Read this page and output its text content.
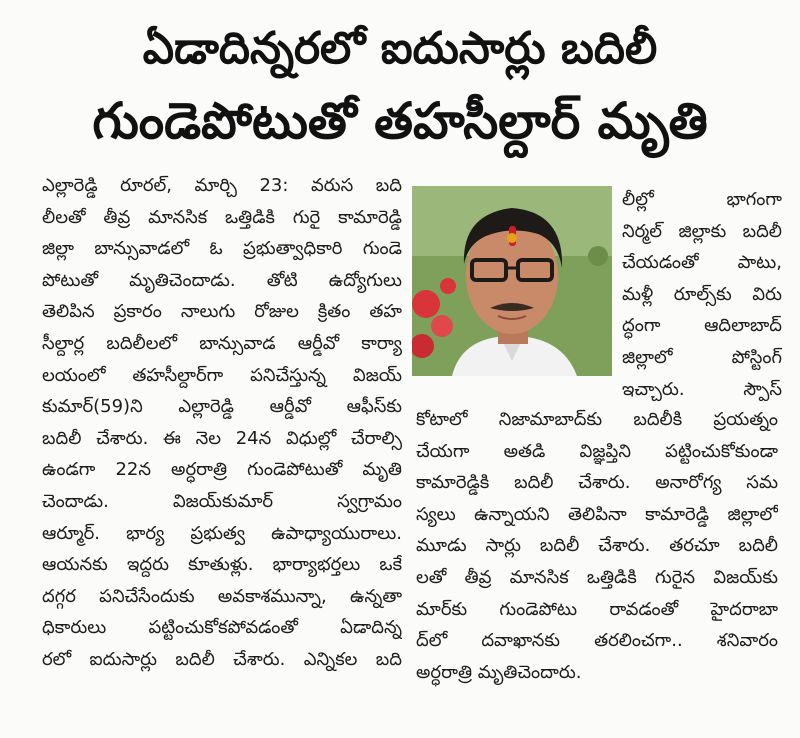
ఏడాదిన్నరలో ఐదుసార్లు బదిలీ
గుండెపోటుతో తహసీల్దార్‌ మృతి
ఎల్లారెడ్డి రూరల్‌, మార్చి 23: వరుస బది
లీలతో తీవ్ర మానసిక ఒత్తిడికి గురై కామారెడ్డి
జిల్లా బాన్సువాడలో ఓ ప్రభుత్వాధికారి గుండె
పోటుతో మృతిచెందాడు. తోటి ఉద్యోగులు
తెలిపిన ప్రకారం నాలుగు రోజుల క్రితం తహ
సీల్దార్ల బదిలీలలో బాన్సువాడ ఆర్డీవో కార్యా
లయంలో తహసీల్దార్‌గా పనిచేస్తున్న విజయ్‌
కుమార్‌(59)ని ఎల్లారెడ్డి ఆర్డీవో ఆఫీస్‌కు
బదిలీ చేశారు. ఈ నెల 24న విధుల్లో చేరాల్సి
ఉండగా 22న అర్ధరాత్రి గుండెపోటుతో మృతి
చెందాడు. విజయ్‌కుమార్‌ స్వగ్రామం
ఆర్మూర్‌. భార్య ప్రభుత్వ ఉపాధ్యాయురాలు.
ఆయనకు ఇద్దరు కూతుళ్లు. భార్యాభర్తలు ఒకే
దగ్గర పనిచేసేందుకు అవకాశమున్నా, ఉన్నతా
ధికారులు పట్టించుకోకపోవడంతో ఏడాదిన్న
రలో ఐదుసార్లు బదిలీ చేశారు. ఎన్నికల బది
లీల్లో భాగంగా
నిర్మల్‌ జిల్లాకు బదిలీ
చేయడంతో పాటు,
మళ్లీ రూల్స్‌కు విరు
ద్ధంగా ఆదిలాబాద్‌
జిల్లాలో పోస్టింగ్‌
ఇచ్చారు. స్పౌస్‌
కోటాలో నిజామాబాద్‌కు బదిలీకి ప్రయత్నం
చేయగా అతడి విజ్ఞప్తిని పట్టించుకోకుండా
కామారెడ్డికి బదిలీ చేశారు. అనారోగ్య సమ
స్యలు ఉన్నాయని తెలిపినా కామారెడ్డి జిల్లాలో
మూడు సార్లు బదిలీ చేశారు. తరచూ బదిలీ
లతో తీవ్ర మానసిక ఒత్తిడికి గురైన విజయ్‌కు
మార్‌కు గుండెపోటు రావడంతో హైదరాబా
ద్‌లో దవాఖానకు తరలించగా.. శనివారం
అర్ధరాత్రి మృతిచెందారు.
